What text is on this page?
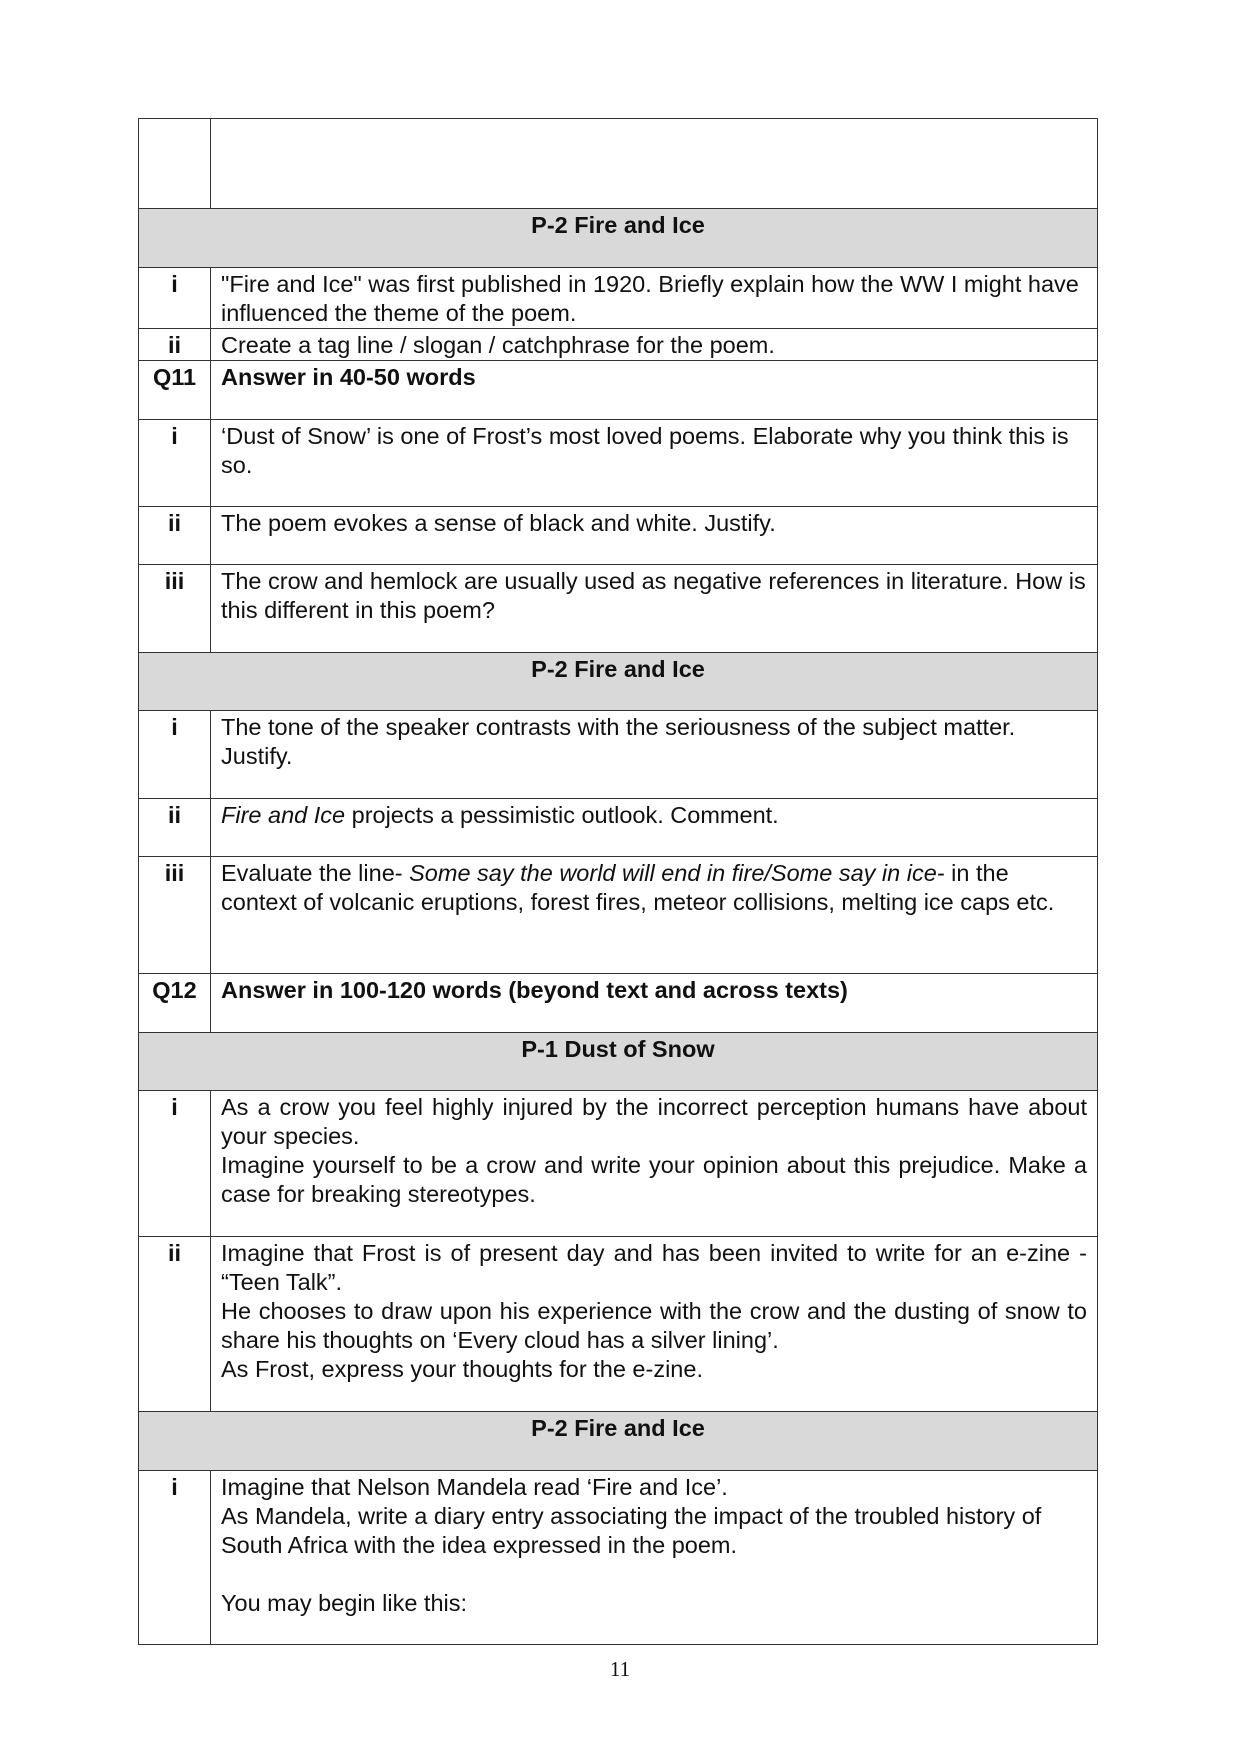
P-2 Fire and Ice	
i	"Fire and Ice" was first published in 1920. Briefly explain how the WW I might have influenced the theme of the poem.
ii	Create a tag line / slogan / catchphrase for the poem.
Q11	Answer in 40-50 words
i	‘Dust of Snow’ is one of Frost’s most loved poems. Elaborate why you think this is so.
ii	The poem evokes a sense of black and white. Justify.
iii	The crow and hemlock are usually used as negative references in literature. How is this different in this poem?
P-2 Fire and Ice	
i	The tone of the speaker contrasts with the seriousness of the subject matter. Justify.
ii	Fire and Ice projects a pessimistic outlook. Comment.
iii	Evaluate the line- Some say the world will end in fire/Some say in ice- in the context of volcanic eruptions, forest fires, meteor collisions, melting ice caps etc.
Q12	Answer in 100-120 words (beyond text and across texts)
P-1 Dust of Snow	
i	As a crow you feel highly injured by the incorrect perception humans have about your species.
Imagine yourself to be a crow and write your opinion about this prejudice. Make a case for breaking stereotypes.

ii	Imagine that Frost is of present day and has been invited to write for an e-zine - “Teen Talk”.
He chooses to draw upon his experience with the crow and the dusting of snow to share his thoughts on ‘Every cloud has a silver lining’.
As Frost, express your thoughts for the e-zine.

P-2 Fire and Ice	
i	Imagine that Nelson Mandela read ‘Fire and Ice’.
As Mandela, write a diary entry associating the impact of the troubled history of South Africa with the idea expressed in the poem.

You may begin like this:
11
